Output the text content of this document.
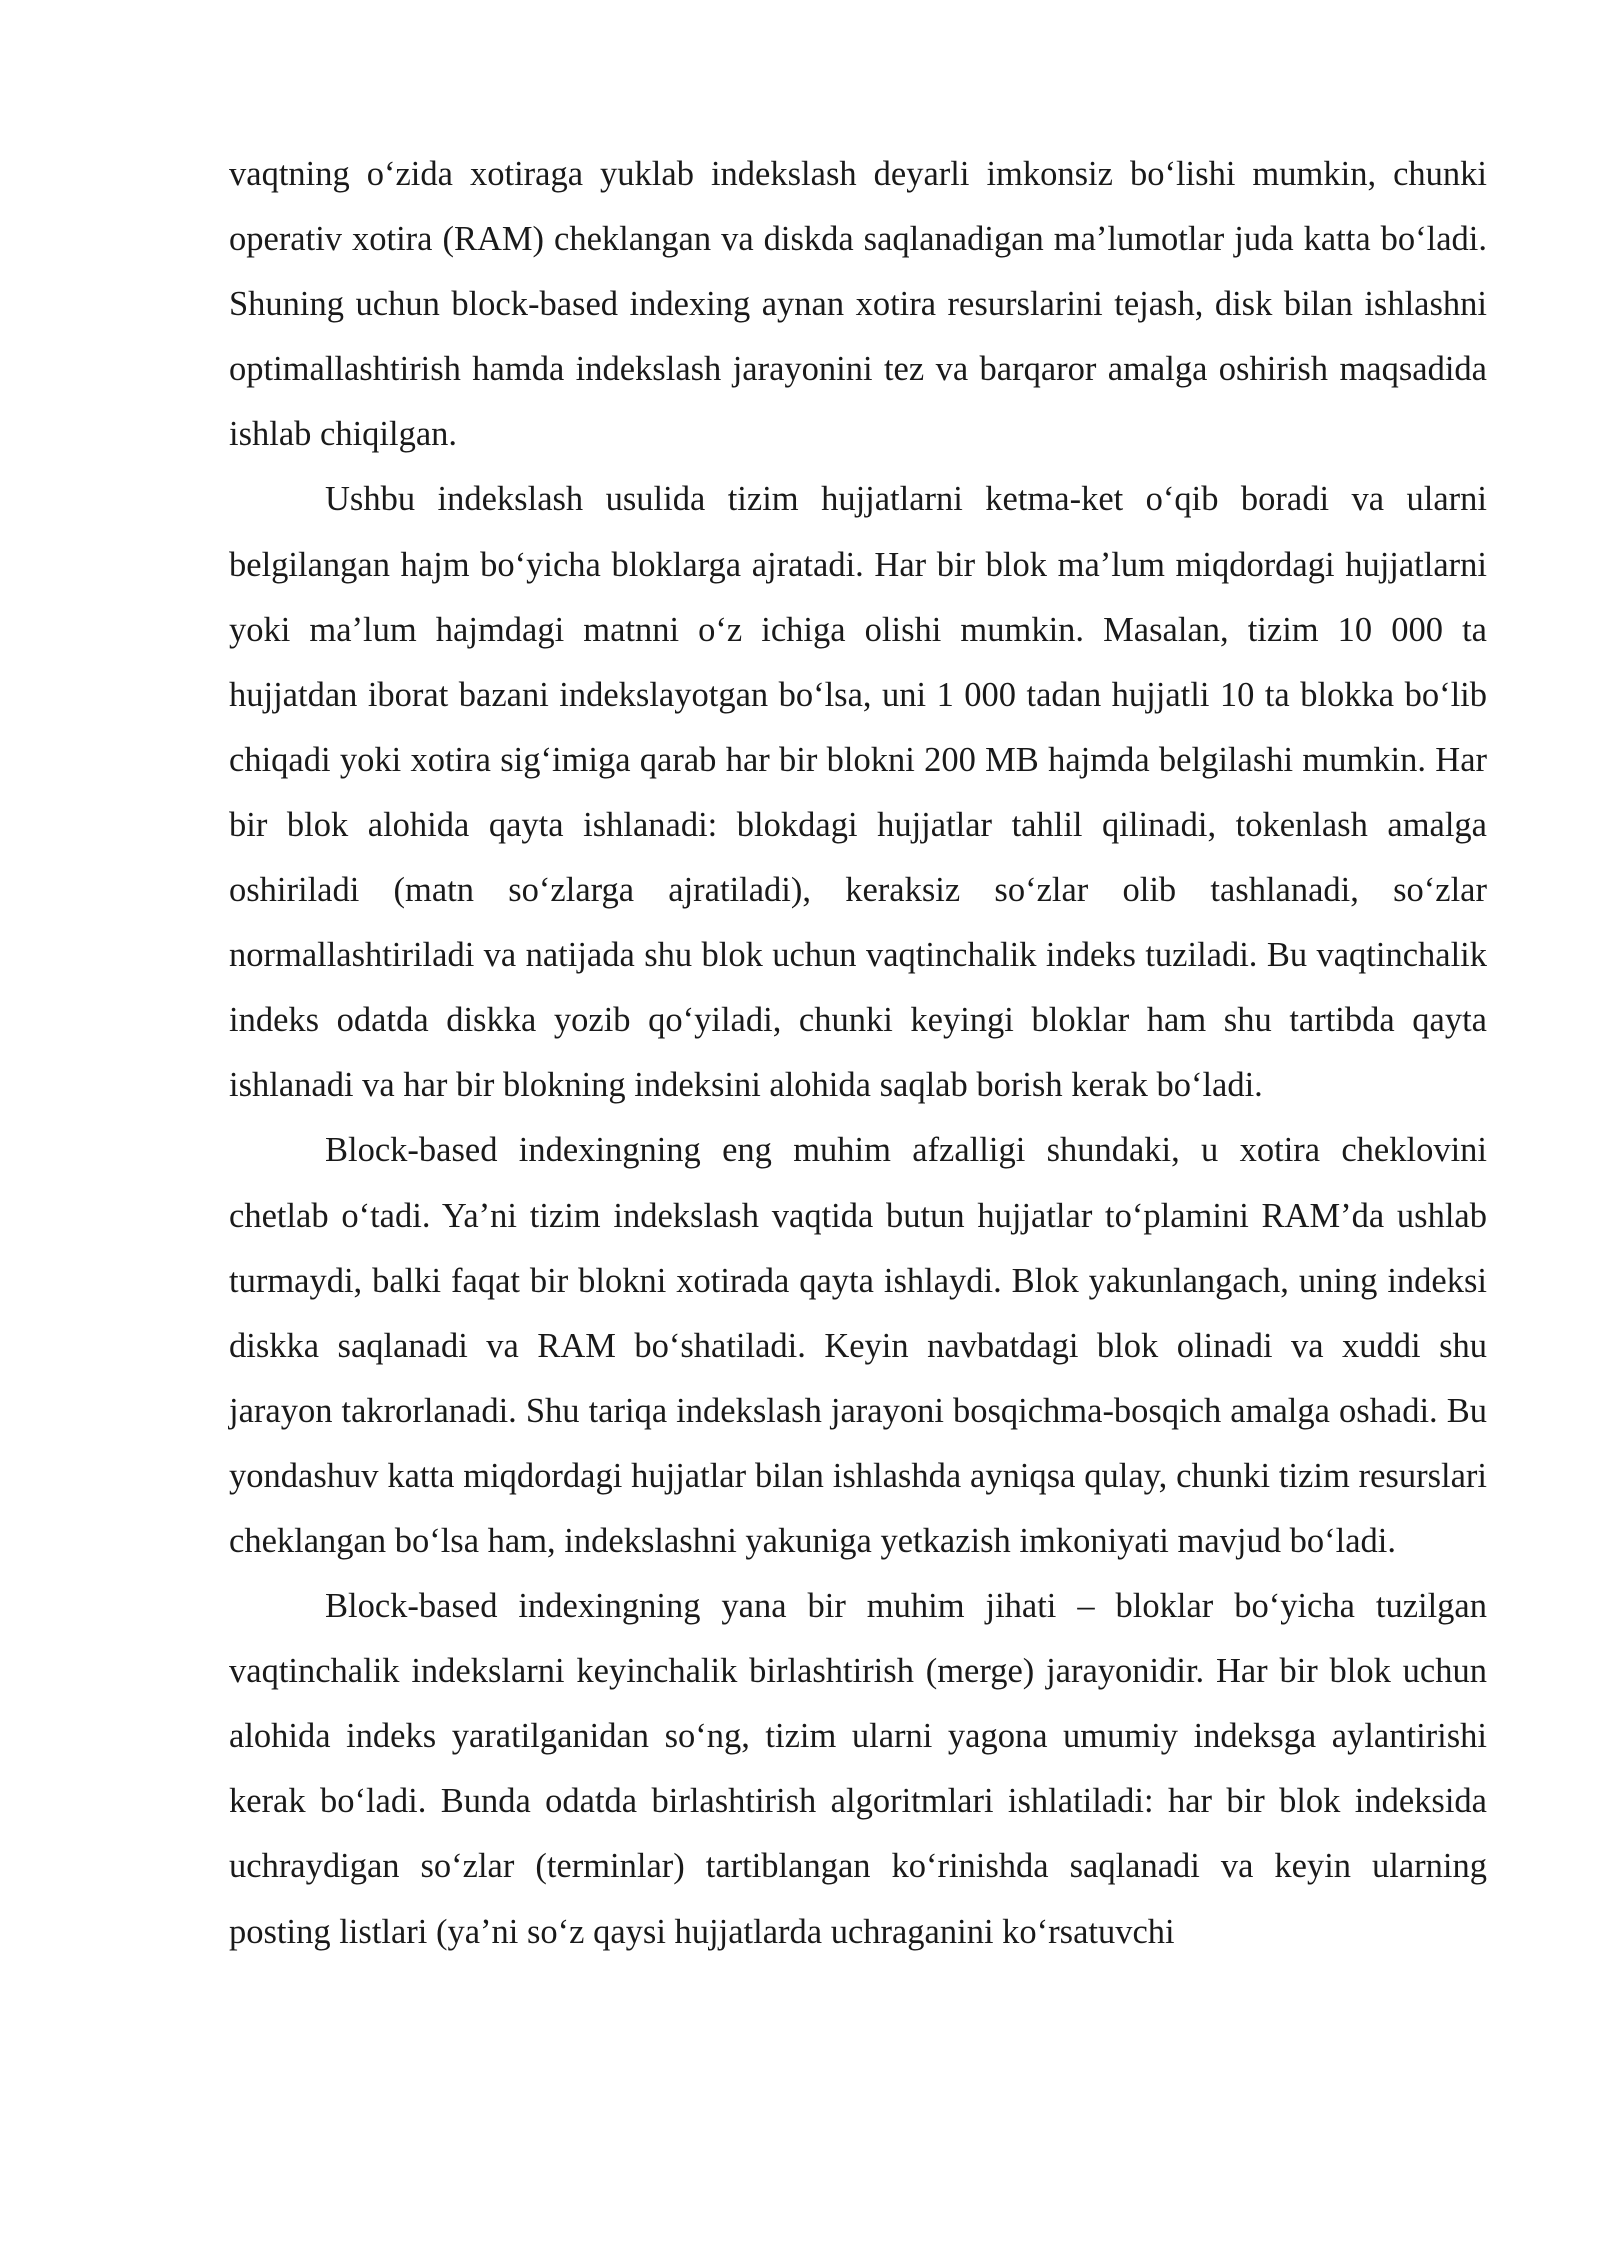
vaqtning oʻzida xotiraga yuklab indekslash deyarli imkonsiz boʻlishi mumkin, chunki operativ xotira (RAM) cheklangan va diskda saqlanadigan maʼlumotlar juda katta boʻladi. Shuning uchun block-based indexing aynan xotira resurslarini tejash, disk bilan ishlashni optimallashtirish hamda indekslash jarayonini tez va barqaror amalga oshirish maqsadida ishlab chiqilgan.

Ushbu indekslash usulida tizim hujjatlarni ketma-ket oʻqib boradi va ularni belgilangan hajm boʻyicha bloklarga ajratadi. Har bir blok maʼlum miqdordagi hujjatlarni yoki maʼlum hajmdagi matnni oʻz ichiga olishi mumkin. Masalan, tizim 10 000 ta hujjatdan iborat bazani indekslayotgan boʻlsa, uni 1 000 tadan hujjatli 10 ta blokka boʻlib chiqadi yoki xotira sigʻimiga qarab har bir blokni 200 MB hajmda belgilashi mumkin. Har bir blok alohida qayta ishlanadi: blokdagi hujjatlar tahlil qilinadi, tokenlash amalga oshiriladi (matn soʻzlarga ajratiladi), keraksiz soʻzlar olib tashlanadi, soʻzlar normallashtiriladi va natijada shu blok uchun vaqtinchalik indeks tuziladi. Bu vaqtinchalik indeks odatda diskka yozib qoʻyiladi, chunki keyingi bloklar ham shu tartibda qayta ishlanadi va har bir blokning indeksini alohida saqlab borish kerak boʻladi.

Block-based indexingning eng muhim afzalligi shundaki, u xotira cheklovini chetlab oʻtadi. Yaʼni tizim indekslash vaqtida butun hujjatlar toʻplamini RAM’da ushlab turmaydi, balki faqat bir blokni xotirada qayta ishlaydi. Blok yakunlangach, uning indeksi diskka saqlanadi va RAM boʻshatiladi. Keyin navbatdagi blok olinadi va xuddi shu jarayon takrorlanadi. Shu tariqa indekslash jarayoni bosqichma-bosqich amalga oshadi. Bu yondashuv katta miqdordagi hujjatlar bilan ishlashda ayniqsa qulay, chunki tizim resurslari cheklangan boʻlsa ham, indekslashni yakuniga yetkazish imkoniyati mavjud boʻladi.

Block-based indexingning yana bir muhim jihati – bloklar boʻyicha tuzilgan vaqtinchalik indekslarni keyinchalik birlashtirish (merge) jarayonidir. Har bir blok uchun alohida indeks yaratilganidan soʻng, tizim ularni yagona umumiy indeksga aylantirishi kerak boʻladi. Bunda odatda birlashtirish algoritmlari ishlatiladi: har bir blok indeksida uchraydigan soʻzlar (terminlar) tartiblangan koʻrinishda saqlanadi va keyin ularning posting listlari (yaʼni soʻz qaysi hujjatlarda uchraganini koʻrsatuvchi
